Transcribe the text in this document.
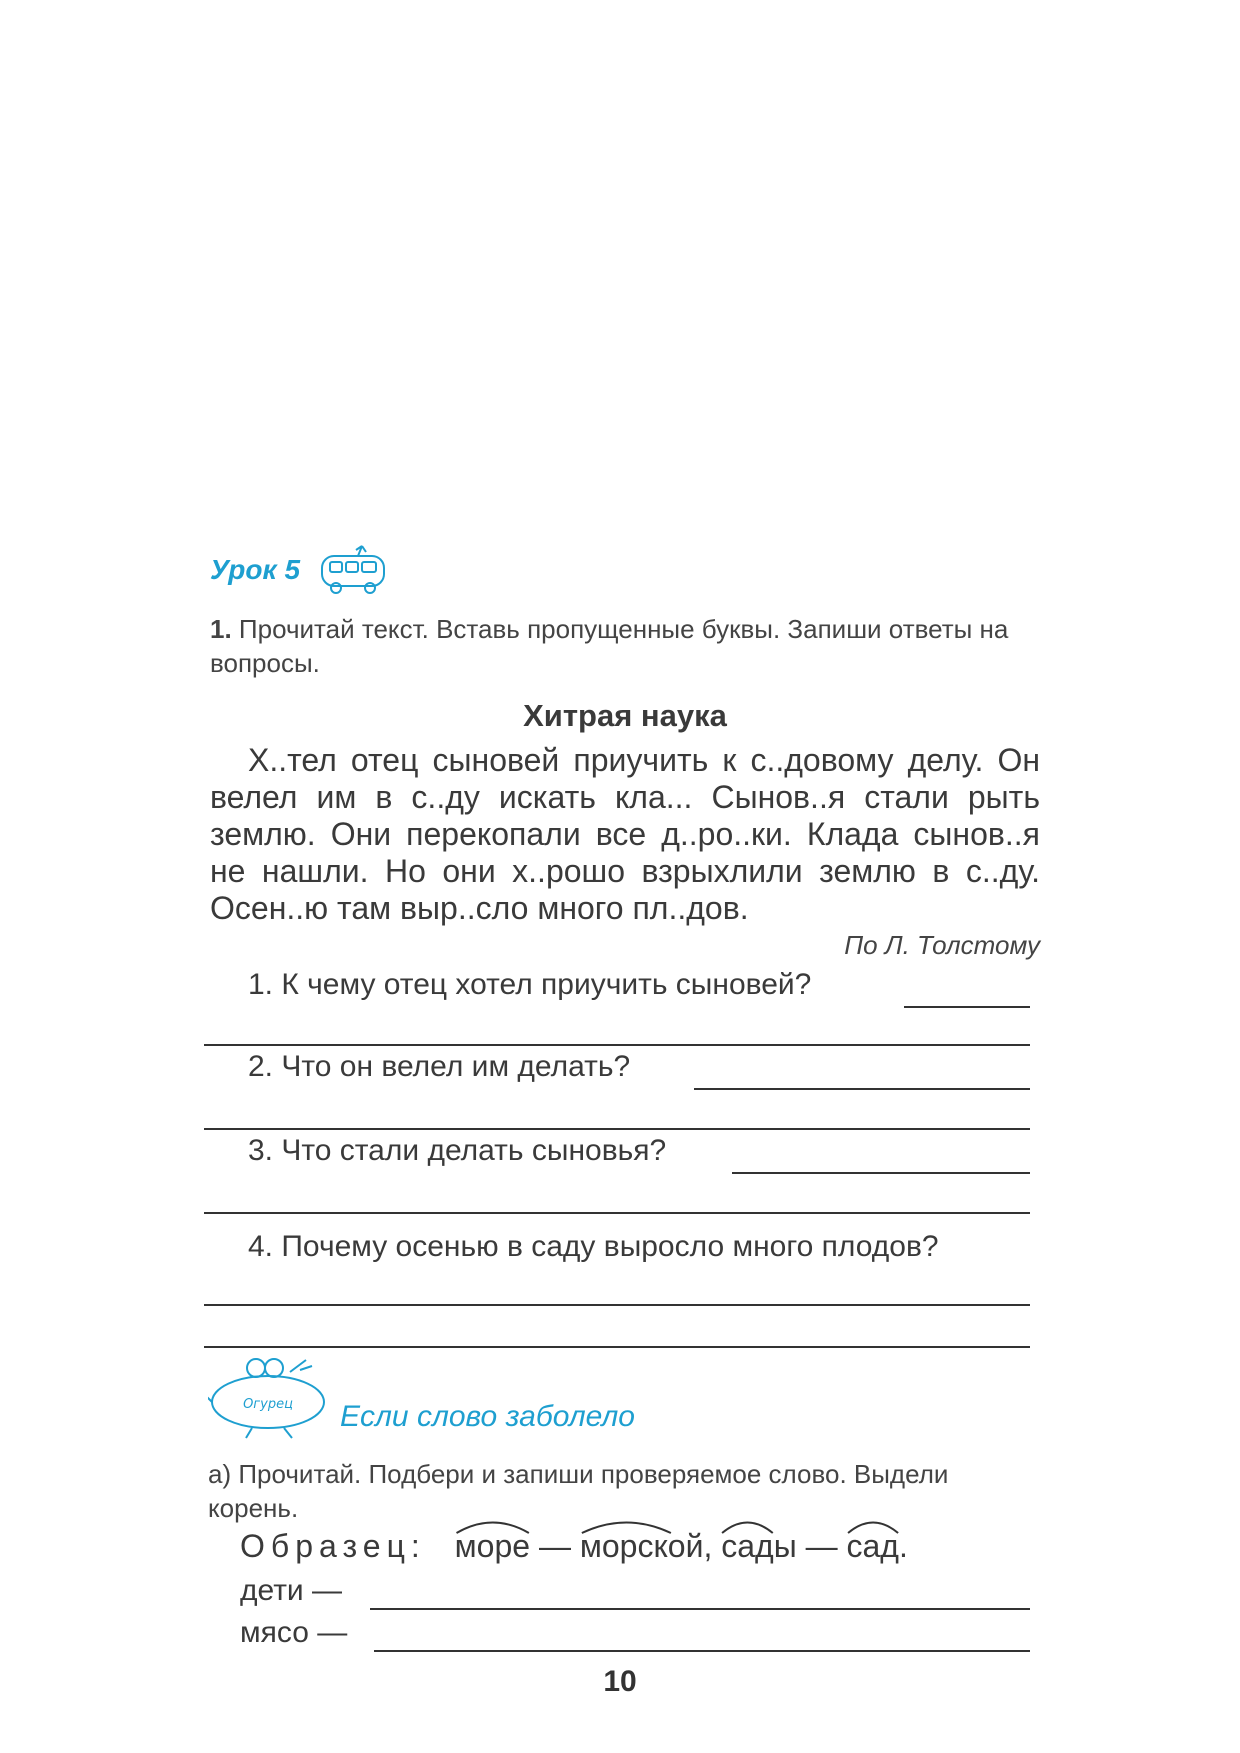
Урок 5
1. Прочитай текст. Вставь пропущенные буквы. Запиши ответы на вопросы.
Хитрая наука

Х..тел отец сыновей приучить к с..довому делу. Он велел им в с..ду искать кла... Сынов..я стали рыть землю. Они перекопали все д..ро..ки. Клада сынов..я не нашли. Но они х..рошо взрыхлили землю в с..ду. Осен..ю там выр..сло много пл..дов.

По Л. Толстому
1. К чему отец хотел приучить сыновей?
2. Что он велел им делать?
3. Что стали делать сыновья?
4. Почему осенью в саду выросло много плодов?
Огурец Если слово заболело
а) Прочитай. Подбери и запиши проверяемое слово. Выдели корень.
Образец: море — морской, сады — сад.
дети —
мясо —
10
